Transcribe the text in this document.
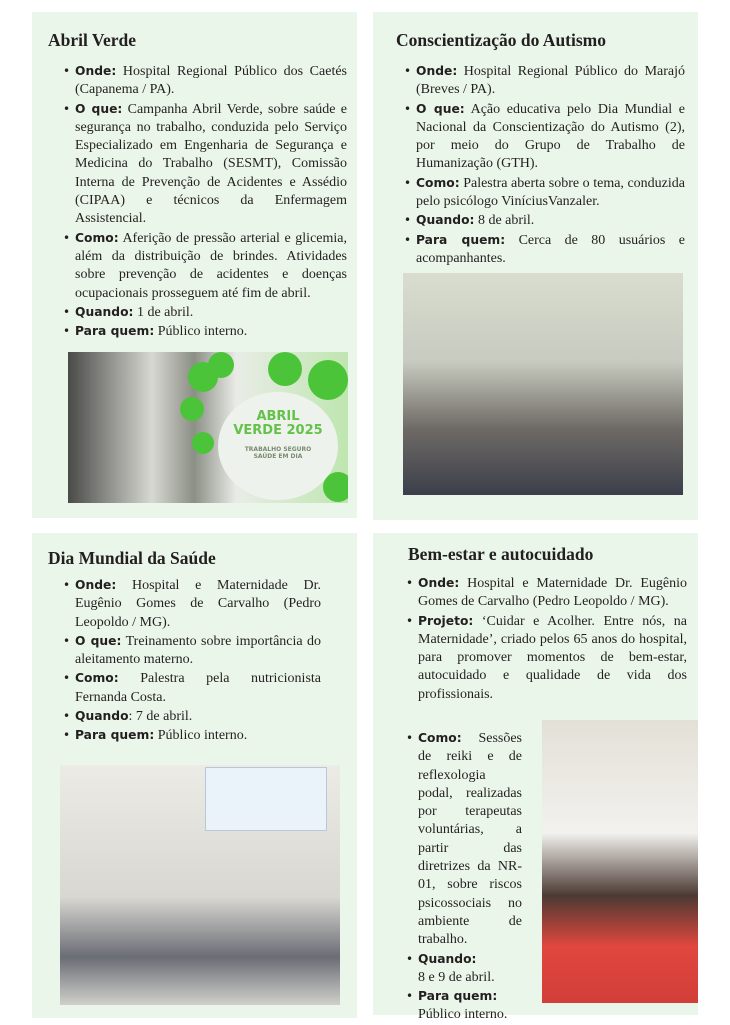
Abril Verde
• Onde: Hospital Regional Público dos Caetés (Capanema / PA).
• O que: Campanha Abril Verde, sobre saúde e segurança no trabalho, conduzida pelo Serviço Especializado em Engenharia de Segurança e Medicina do Trabalho (SESMT), Comissão Interna de Prevenção de Acidentes e Assédio (CIPAA) e técnicos da Enfermagem Assistencial.
• Como: Aferição de pressão arterial e glicemia, além da distribuição de brindes. Atividades sobre prevenção de acidentes e doenças ocupacionais prosseguem até fim de abril.
• Quando: 1 de abril.
• Para quem: Público interno.
ABRIL
VERDE 2025
TRABALHO SEGURO
SAÚDE EM DIA
Conscientização do Autismo
• Onde: Hospital Regional Público do Marajó (Breves / PA).
• O que: Ação educativa pelo Dia Mundial e Nacional da Conscientização do Autismo (2), por meio do Grupo de Trabalho de Humanização (GTH).
• Como: Palestra aberta sobre o tema, conduzida pelo psicólogo ViníciusVanzaler.
• Quando: 8 de abril.
• Para quem: Cerca de 80 usuários e acompanhantes.
Dia Mundial da Saúde
• Onde: Hospital e Maternidade Dr. Eugênio Gomes de Carvalho (Pedro Leopoldo / MG).
• O que: Treinamento sobre importância do aleitamento materno.
• Como: Palestra pela nutricionista Fernanda Costa.
• Quando: 7 de abril.
• Para quem: Público interno.
Bem-estar e autocuidado
• Onde: Hospital e Maternidade Dr. Eugênio Gomes de Carvalho (Pedro Leopoldo / MG).
• Projeto: ‘Cuidar e Acolher. Entre nós, na Maternidade’, criado pelos 65 anos do hospital, para promover momentos de bem-estar, autocuidado e qualidade de vida dos profissionais.
• Como: Sessões de reiki e de reflexologia podal, realizadas por terapeutas voluntárias, a partir das diretrizes da NR-01, sobre riscos psicossociais no ambiente de trabalho.
• Quando:
8 e 9 de abril.
• Para quem:
Público interno.
